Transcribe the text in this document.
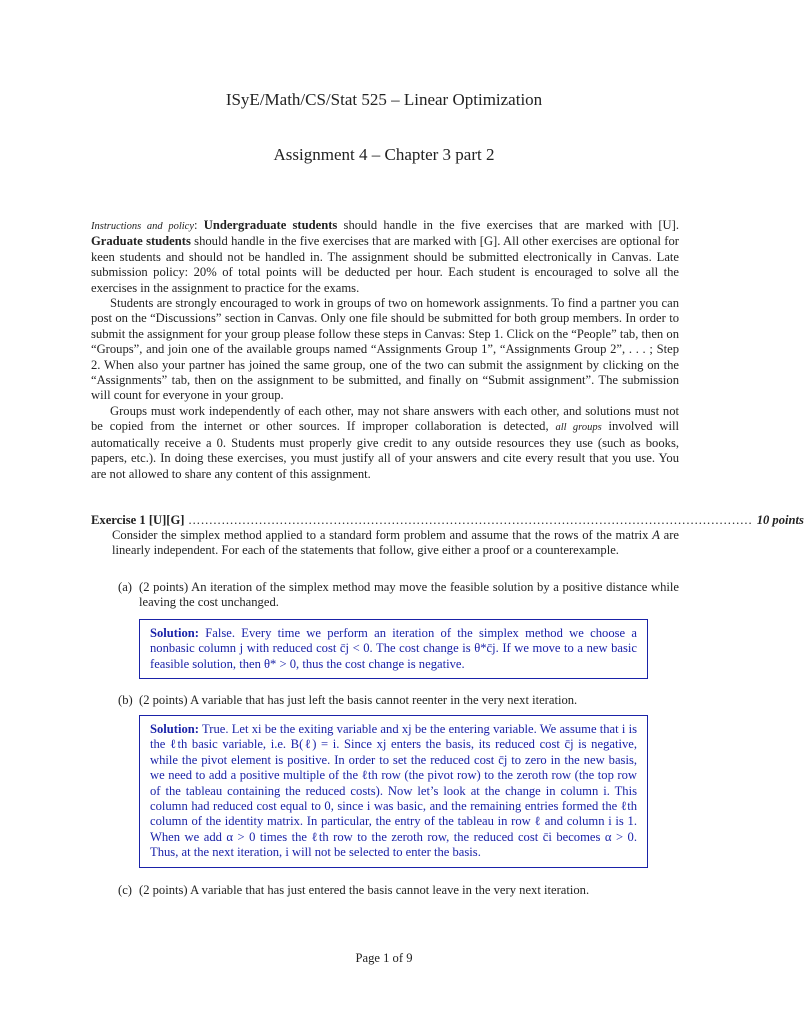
ISyE/Math/CS/Stat 525 – Linear Optimization
Assignment 4 – Chapter 3 part 2

Instructions and policy: Undergraduate students should handle in the five exercises that are marked with [U]. Graduate students should handle in the five exercises that are marked with [G]. All other exercises are optional for keen students and should not be handled in. The assignment should be submitted electronically in Canvas. Late submission policy: 20% of total points will be deducted per hour. Each student is encouraged to solve all the exercises in the assignment to practice for the exams.

Students are strongly encouraged to work in groups of two on homework assignments. To find a partner you can post on the “Discussions” section in Canvas. Only one file should be submitted for both group members. In order to submit the assignment for your group please follow these steps in Canvas: Step 1. Click on the “People” tab, then on “Groups”, and join one of the available groups named “Assignments Group 1”, “Assignments Group 2”, . . . ; Step 2. When also your partner has joined the same group, one of the two can submit the assignment by clicking on the “Assignments” tab, then on the assignment to be submitted, and finally on “Submit assignment”. The submission will count for everyone in your group.

Groups must work independently of each other, may not share answers with each other, and solutions must not be copied from the internet or other sources. If improper collaboration is detected, all groups involved will automatically receive a 0. Students must properly give credit to any outside resources they use (such as books, papers, etc.). In doing these exercises, you must justify all of your answers and cite every result that you use. You are not allowed to share any content of this assignment.

Exercise 1 [U][G] ........................................................................................................................................ 10 points
Consider the simplex method applied to a standard form problem and assume that the rows of the matrix A are linearly independent. For each of the statements that follow, give either a proof or a counterexample.
(a) (2 points) An iteration of the simplex method may move the feasible solution by a positive distance while leaving the cost unchanged.
Solution: False. Every time we perform an iteration of the simplex method we choose a nonbasic column j with reduced cost c̄j < 0. The cost change is θ*c̄j. If we move to a new basic feasible solution, then θ* > 0, thus the cost change is negative.
(b) (2 points) A variable that has just left the basis cannot reenter in the very next iteration.
Solution: True. Let xi be the exiting variable and xj be the entering variable. We assume that i is the ℓth basic variable, i.e. B(ℓ) = i. Since xj enters the basis, its reduced cost c̄j is negative, while the pivot element is positive. In order to set the reduced cost c̄j to zero in the new basis, we need to add a positive multiple of the ℓth row (the pivot row) to the zeroth row (the top row of the tableau containing the reduced costs). Now let’s look at the change in column i. This column had reduced cost equal to 0, since i was basic, and the remaining entries formed the ℓth column of the identity matrix. In particular, the entry of the tableau in row ℓ and column i is 1. When we add α > 0 times the ℓth row to the zeroth row, the reduced cost c̄i becomes α > 0. Thus, at the next iteration, i will not be selected to enter the basis.
(c) (2 points) A variable that has just entered the basis cannot leave in the very next iteration.
Page 1 of 9
